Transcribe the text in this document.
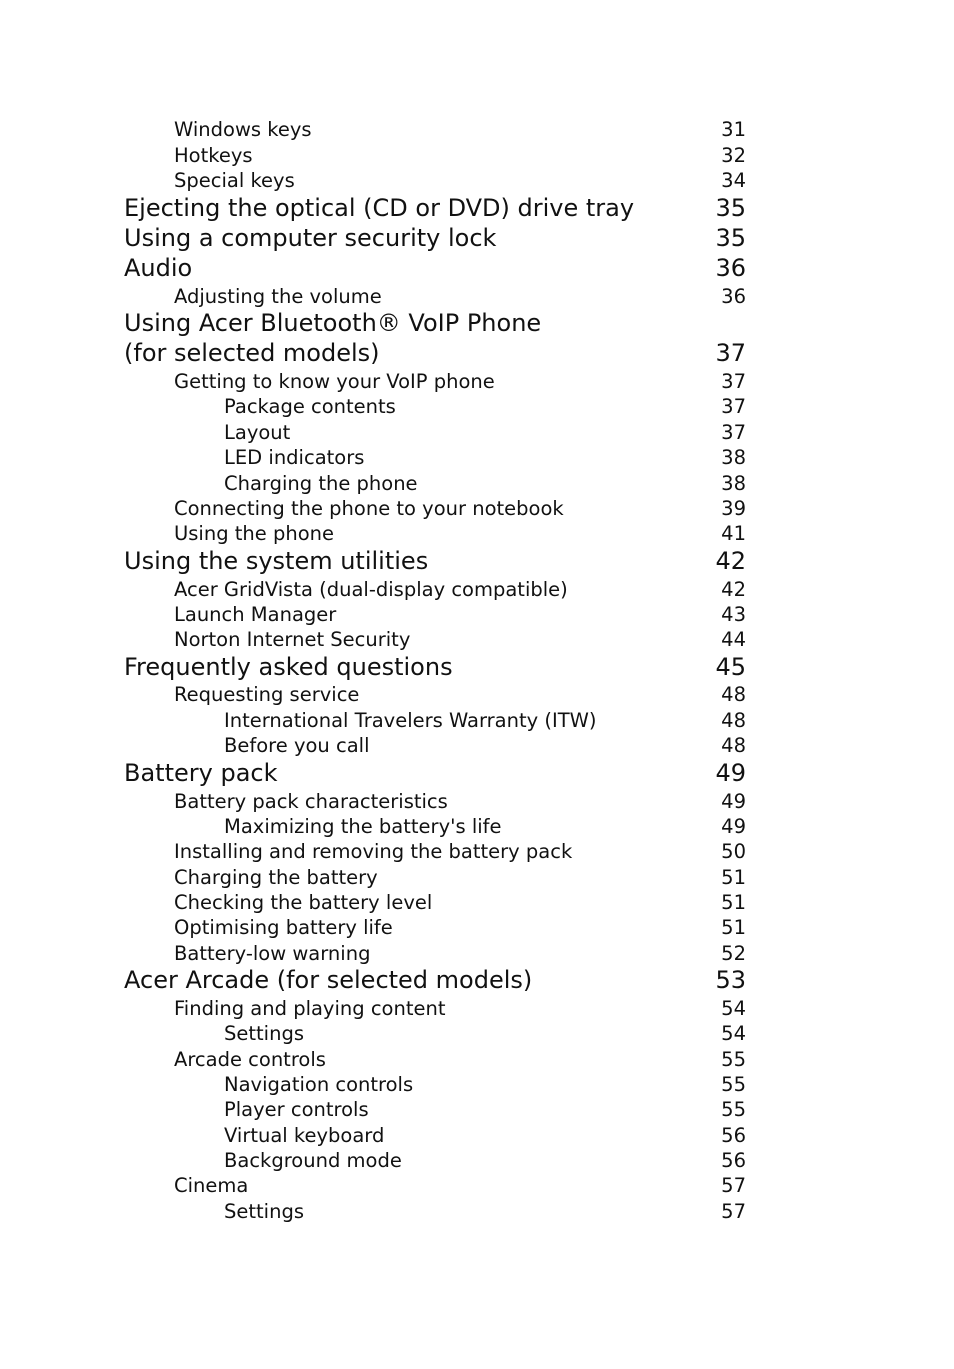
Windows keys	31
Hotkeys	32
Special keys	34
Ejecting the optical (CD or DVD) drive tray	35
Using a computer security lock	35
Audio	36
Adjusting the volume	36
Using Acer Bluetooth® VoIP Phone
(for selected models)	37
Getting to know your VoIP phone	37
Package contents	37
Layout	37
LED indicators	38
Charging the phone	38
Connecting the phone to your notebook	39
Using the phone	41
Using the system utilities	42
Acer GridVista (dual-display compatible)	42
Launch Manager	43
Norton Internet Security	44
Frequently asked questions	45
Requesting service	48
International Travelers Warranty (ITW)	48
Before you call	48
Battery pack	49
Battery pack characteristics	49
Maximizing the battery's life	49
Installing and removing the battery pack	50
Charging the battery	51
Checking the battery level	51
Optimising battery life	51
Battery-low warning	52
Acer Arcade (for selected models)	53
Finding and playing content	54
Settings	54
Arcade controls	55
Navigation controls	55
Player controls	55
Virtual keyboard	56
Background mode	56
Cinema	57
Settings	57
